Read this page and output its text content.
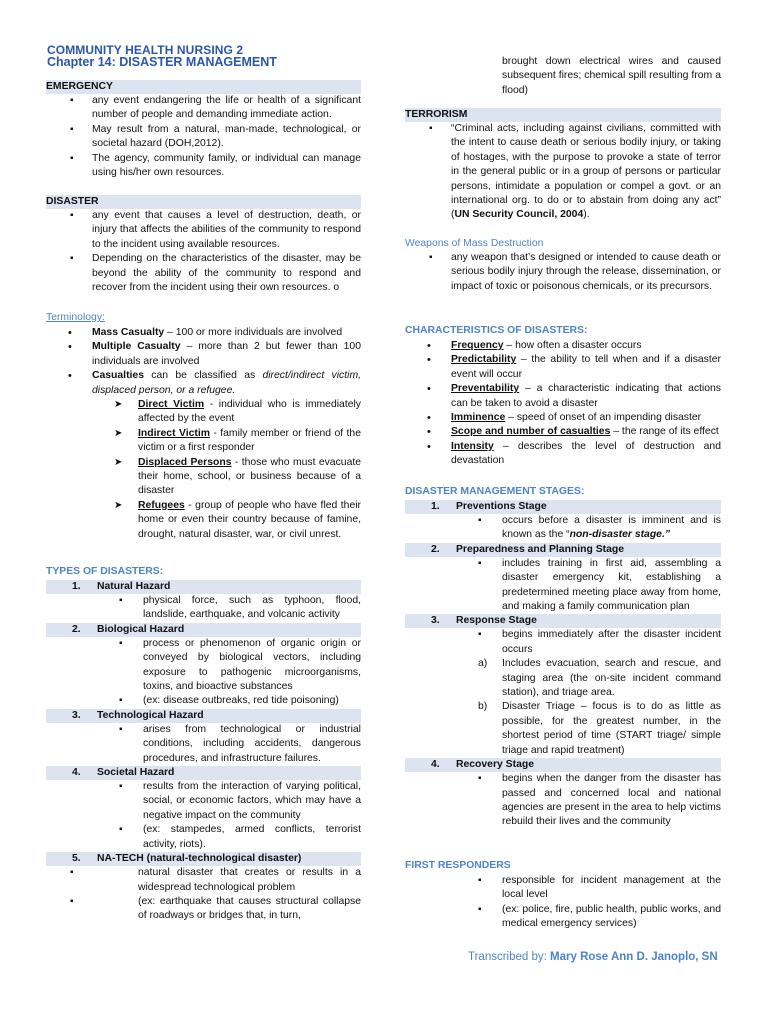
COMMUNITY HEALTH NURSING 2
Chapter 14: DISASTER MANAGEMENT
EMERGENCY
▪ any event endangering the life or health of a significant number of people and demanding immediate action.
▪ May result from a natural, man-made, technological, or societal hazard (DOH,2012).
▪ The agency, community family, or individual can manage using his/her own resources.
DISASTER
▪ any event that causes a level of destruction, death, or injury that affects the abilities of the community to respond to the incident using available resources.
▪ Depending on the characteristics of the disaster, may be beyond the ability of the community to respond and recover from the incident using their own resources. o
Terminology:
• Mass Casualty – 100 or more individuals are involved
• Multiple Casualty – more than 2 but fewer than 100 individuals are involved
• Casualties can be classified as direct/indirect victim, displaced person, or a refugee.
➤ Direct Victim - individual who is immediately affected by the event
➤ Indirect Victim - family member or friend of the victim or a first responder
➤ Displaced Persons - those who must evacuate their home, school, or business because of a disaster
➤ Refugees - group of people who have fled their home or even their country because of famine, drought, natural disaster, war, or civil unrest.
TYPES OF DISASTERS:
1. Natural Hazard
▪ physical force, such as typhoon, flood, landslide, earthquake, and volcanic activity
2. Biological Hazard
▪ process or phenomenon of organic origin or conveyed by biological vectors, including exposure to pathogenic microorganisms, toxins, and bioactive substances
▪ (ex: disease outbreaks, red tide poisoning)
3. Technological Hazard
▪ arises from technological or industrial conditions, including accidents, dangerous procedures, and infrastructure failures.
4. Societal Hazard
▪ results from the interaction of varying political, social, or economic factors, which may have a negative impact on the community
▪ (ex: stampedes, armed conflicts, terrorist activity, riots).
5. NA-TECH (natural-technological disaster)
▪ natural disaster that creates or results in a widespread technological problem
▪ (ex: earthquake that causes structural collapse of roadways or bridges that, in turn,
brought down electrical wires and caused subsequent fires; chemical spill resulting from a flood)
TERRORISM
▪ “Criminal acts, including against civilians, committed with the intent to cause death or serious bodily injury, or taking of hostages, with the purpose to provoke a state of terror in the general public or in a group of persons or particular persons, intimidate a population or compel a govt. or an international org. to do or to abstain from doing any act” (UN Security Council, 2004).
Weapons of Mass Destruction
▪ any weapon that’s designed or intended to cause death or serious bodily injury through the release, dissemination, or impact of toxic or poisonous chemicals, or its precursors.
CHARACTERISTICS OF DISASTERS:
• Frequency – how often a disaster occurs
• Predictability – the ability to tell when and if a disaster event will occur
• Preventability – a characteristic indicating that actions can be taken to avoid a disaster
• Imminence – speed of onset of an impending disaster
• Scope and number of casualties – the range of its effect
• Intensity – describes the level of destruction and devastation
DISASTER MANAGEMENT STAGES:
1. Preventions Stage
▪ occurs before a disaster is imminent and is known as the “non-disaster stage.”
2. Preparedness and Planning Stage
▪ includes training in first aid, assembling a disaster emergency kit, establishing a predetermined meeting place away from home, and making a family communication plan
3. Response Stage
▪ begins immediately after the disaster incident occurs
a) Includes evacuation, search and rescue, and staging area (the on-site incident command station), and triage area.
b) Disaster Triage – focus is to do as little as possible, for the greatest number, in the shortest period of time (START triage/ simple triage and rapid treatment)
4. Recovery Stage
▪ begins when the danger from the disaster has passed and concerned local and national agencies are present in the area to help victims rebuild their lives and the community
FIRST RESPONDERS
▪ responsible for incident management at the local level
▪ (ex: police, fire, public health, public works, and medical emergency services)
Transcribed by: Mary Rose Ann D. Janoplo, SN
